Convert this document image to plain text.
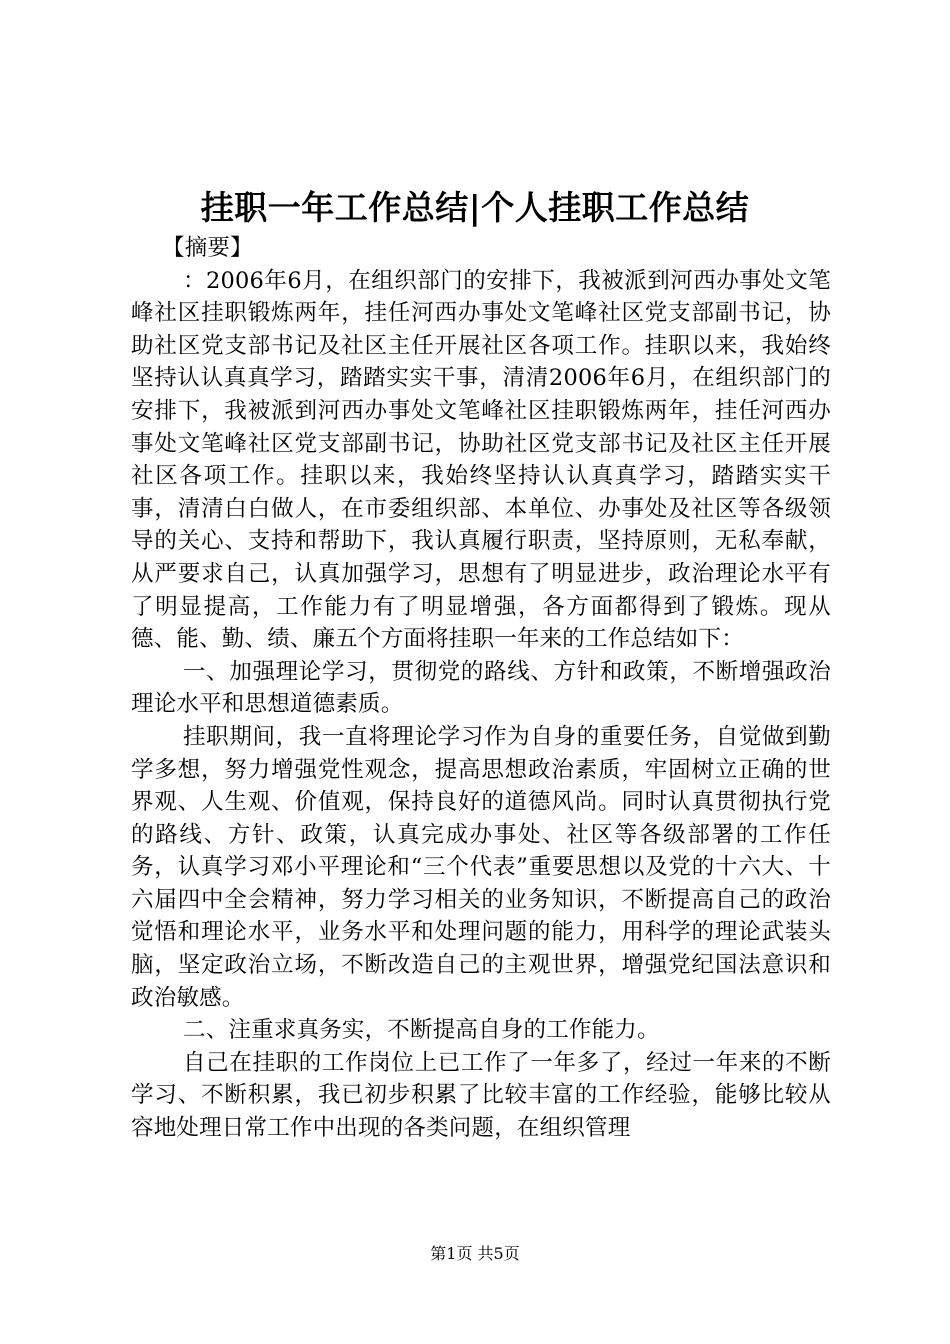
挂职一年工作总结|个人挂职工作总结

【摘要】

：2006年6月，在组织部门的安排下，我被派到河西办事处文笔峰社区挂职锻炼两年，挂任河西办事处文笔峰社区党支部副书记，协助社区党支部书记及社区主任开展社区各项工作。挂职以来，我始终坚持认认真真学习，踏踏实实干事，清清2006年6月，在组织部门的安排下，我被派到河西办事处文笔峰社区挂职锻炼两年，挂任河西办事处文笔峰社区党支部副书记，协助社区党支部书记及社区主任开展社区各项工作。挂职以来，我始终坚持认认真真学习，踏踏实实干事，清清白白做人，在市委组织部、本单位、办事处及社区等各级领导的关心、支持和帮助下，我认真履行职责，坚持原则，无私奉献，从严要求自己，认真加强学习，思想有了明显进步，政治理论水平有了明显提高，工作能力有了明显增强，各方面都得到了锻炼。现从德、能、勤、绩、廉五个方面将挂职一年来的工作总结如下：

一、加强理论学习，贯彻党的路线、方针和政策，不断增强政治理论水平和思想道德素质。

挂职期间，我一直将理论学习作为自身的重要任务，自觉做到勤学多想，努力增强党性观念，提高思想政治素质，牢固树立正确的世界观、人生观、价值观，保持良好的道德风尚。同时认真贯彻执行党的路线、方针、政策，认真完成办事处、社区等各级部署的工作任务，认真学习邓小平理论和“三个代表”重要思想以及党的十六大、十六届四中全会精神，努力学习相关的业务知识，不断提高自己的政治觉悟和理论水平，业务水平和处理问题的能力，用科学的理论武装头脑，坚定政治立场，不断改造自己的主观世界，增强党纪国法意识和政治敏感。

二、注重求真务实，不断提高自身的工作能力。

自己在挂职的工作岗位上已工作了一年多了，经过一年来的不断学习、不断积累，我已初步积累了比较丰富的工作经验，能够比较从容地处理日常工作中出现的各类问题，在组织管理

第1页 共5页
